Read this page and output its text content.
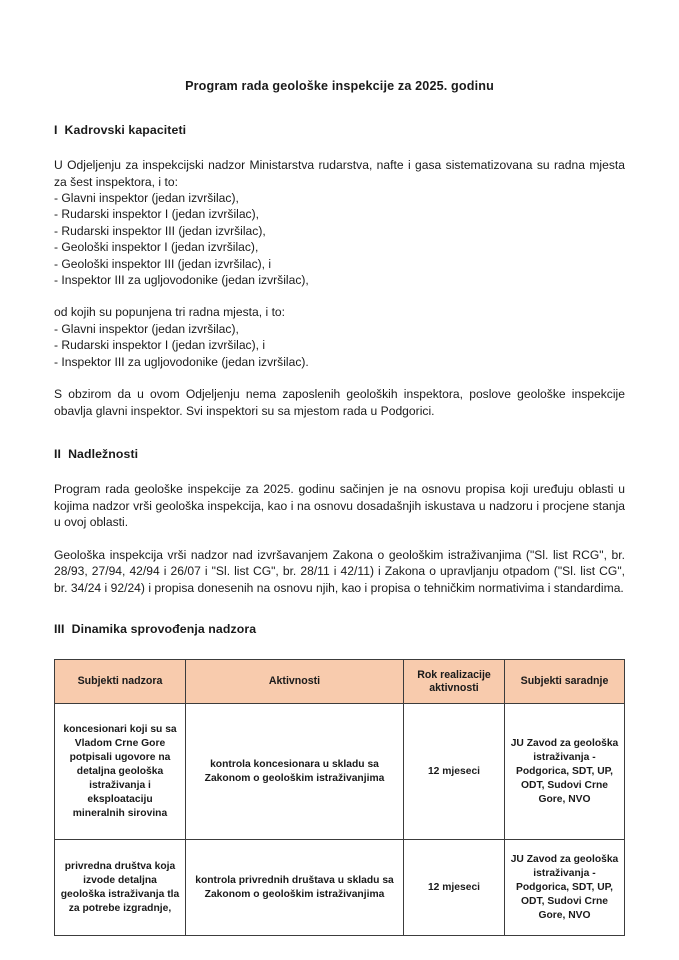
Program rada geološke inspekcije za 2025. godinu
I  Kadrovski kapaciteti

U Odjeljenju za inspekcijski nadzor Ministarstva rudarstva, nafte i gasa sistematizovana su radna mjesta za šest inspektora, i to:

- Glavni inspektor (jedan izvršilac),
- Rudarski inspektor I (jedan izvršilac),
- Rudarski inspektor III (jedan izvršilac),
- Geološki inspektor I (jedan izvršilac),
- Geološki inspektor III (jedan izvršilac), i
- Inspektor III za ugljovodonike (jedan izvršilac),

od kojih su popunjena tri radna mjesta, i to:

- Glavni inspektor (jedan izvršilac),
- Rudarski inspektor I (jedan izvršilac), i
- Inspektor III za ugljovodonike (jedan izvršilac).

S obzirom da u ovom Odjeljenju nema zaposlenih geoloških inspektora, poslove geološke inspekcije obavlja glavni inspektor. Svi inspektori su sa mjestom rada u Podgorici.

II  Nadležnosti

Program rada geološke inspekcije za 2025. godinu sačinjen je na osnovu propisa koji uređuju oblasti u kojima nadzor vrši geološka inspekcija, kao i na osnovu dosadašnjih iskustava u nadzoru i procjene stanja u ovoj oblasti.

Geološka inspekcija vrši nadzor nad izvršavanjem Zakona o geološkim istraživanjima ("Sl. list RCG", br. 28/93, 27/94, 42/94 i 26/07 i "Sl. list CG", br. 28/11 i 42/11) i Zakona o upravljanju otpadom ("Sl. list CG", br. 34/24 i 92/24) i propisa donesenih na osnovu njih, kao i propisa o tehničkim normativima i standardima.

III  Dinamika sprovođenja nadzora
Subjekti nadzora	Aktivnosti	Rok realizacije aktivnosti	Subjekti saradnje
koncesionari koji su sa Vladom Crne Gore potpisali ugovore na detaljna geološka istraživanja i eksploataciju mineralnih sirovina	kontrola koncesionara u skladu sa Zakonom o geološkim istraživanjima	12 mjeseci	JU Zavod za geološka istraživanja - Podgorica, SDT, UP, ODT, Sudovi Crne Gore, NVO
privredna društva koja izvode detaljna geološka istraživanja tla za potrebe izgradnje,	kontrola privrednih društava u skladu sa Zakonom o geološkim istraživanjima	12 mjeseci	JU Zavod za geološka istraživanja - Podgorica, SDT, UP, ODT, Sudovi Crne Gore, NVO
